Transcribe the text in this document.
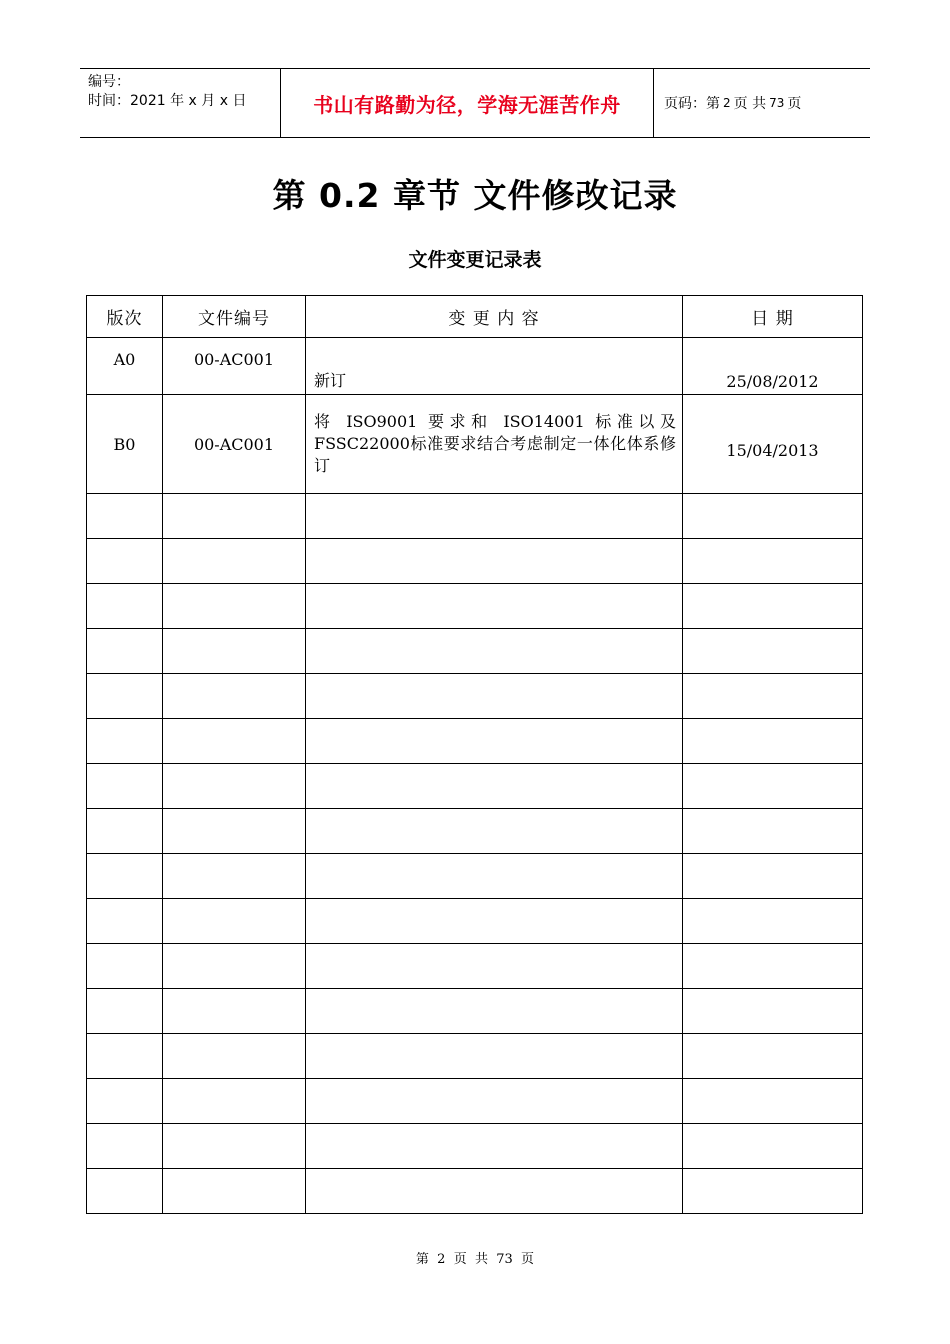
编号：
时间：2021 年 x 月 x 日	书山有路勤为径，学海无涯苦作舟	页码：第 2 页 共 73 页
第 0.2 章节 文件修改记录
文件变更记录表
版次	文件编号	变 更 内 容	日 期
A0	00-AC001	新订	25/08/2012
B0	00-AC001	将 ISO9001 要求和 ISO14001 标准以及FSSC22000标准要求结合考虑制定一体化体系修订	15/04/2013

第  2  页  共  73  页
